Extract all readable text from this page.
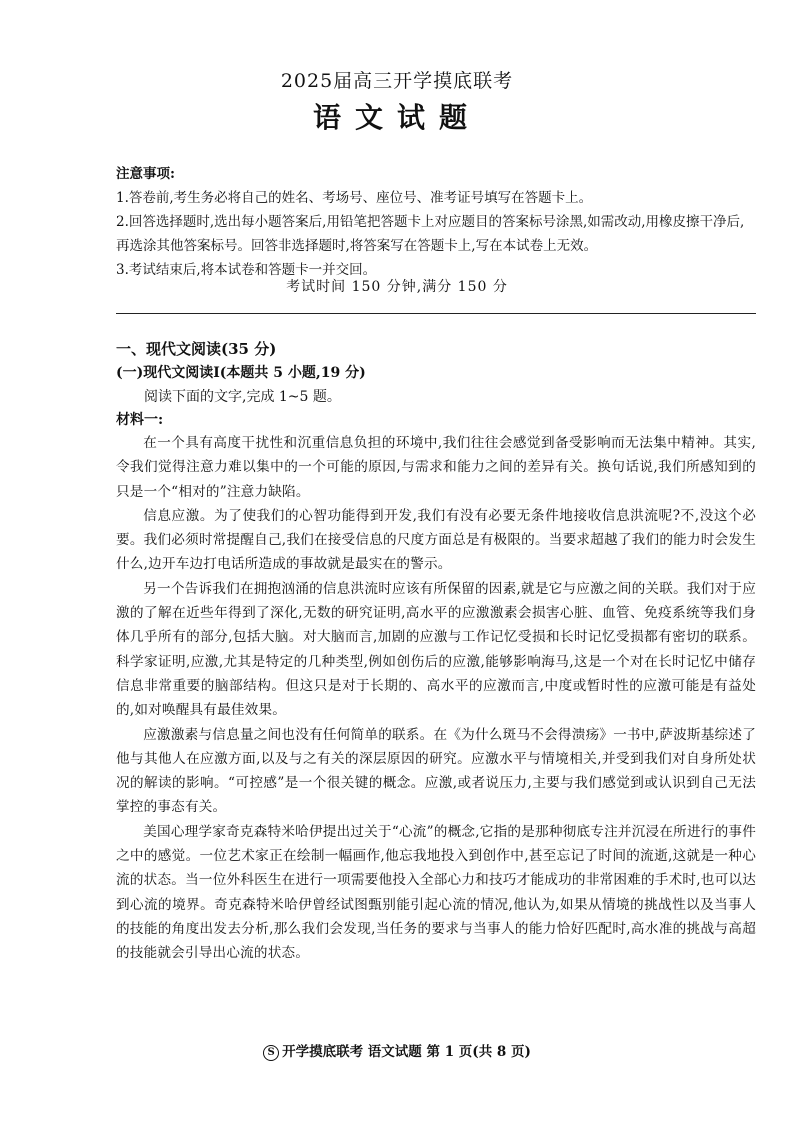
2025届高三开学摸底联考
语文试题
注意事项:
1.答卷前,考生务必将自己的姓名、考场号、座位号、准考证号填写在答题卡上。
2.回答选择题时,选出每小题答案后,用铅笔把答题卡上对应题目的答案标号涂黑,如需改动,用橡皮擦干净后,再选涂其他答案标号。回答非选择题时,将答案写在答题卡上,写在本试卷上无效。
3.考试结束后,将本试卷和答题卡一并交回。
考试时间 150 分钟,满分 150 分
一、现代文阅读(35 分)
(一)现代文阅读Ⅰ(本题共 5 小题,19 分)
阅读下面的文字,完成 1~5 题。
材料一:

在一个具有高度干扰性和沉重信息负担的环境中,我们往往会感觉到备受影响而无法集中精神。其实,令我们觉得注意力难以集中的一个可能的原因,与需求和能力之间的差异有关。换句话说,我们所感知到的只是一个“相对的”注意力缺陷。

信息应激。为了使我们的心智功能得到开发,我们有没有必要无条件地接收信息洪流呢?不,没这个必要。我们必须时常提醒自己,我们在接受信息的尺度方面总是有极限的。当要求超越了我们的能力时会发生什么,边开车边打电话所造成的事故就是最实在的警示。

另一个告诉我们在拥抱汹涌的信息洪流时应该有所保留的因素,就是它与应激之间的关联。我们对于应激的了解在近些年得到了深化,无数的研究证明,高水平的应激激素会损害心脏、血管、免疫系统等我们身体几乎所有的部分,包括大脑。对大脑而言,加剧的应激与工作记忆受损和长时记忆受损都有密切的联系。科学家证明,应激,尤其是特定的几种类型,例如创伤后的应激,能够影响海马,这是一个对在长时记忆中储存信息非常重要的脑部结构。但这只是对于长期的、高水平的应激而言,中度或暂时性的应激可能是有益处的,如对唤醒具有最佳效果。

应激激素与信息量之间也没有任何简单的联系。在《为什么斑马不会得溃疡》一书中,萨波斯基综述了他与其他人在应激方面,以及与之有关的深层原因的研究。应激水平与情境相关,并受到我们对自身所处状况的解读的影响。“可控感”是一个很关键的概念。应激,或者说压力,主要与我们感觉到或认识到自己无法掌控的事态有关。

美国心理学家奇克森特米哈伊提出过关于“心流”的概念,它指的是那种彻底专注并沉浸在所进行的事件之中的感觉。一位艺术家正在绘制一幅画作,他忘我地投入到创作中,甚至忘记了时间的流逝,这就是一种心流的状态。当一位外科医生在进行一项需要他投入全部心力和技巧才能成功的非常困难的手术时,也可以达到心流的境界。奇克森特米哈伊曾经试图甄别能引起心流的情况,他认为,如果从情境的挑战性以及当事人的技能的角度出发去分析,那么我们会发现,当任务的要求与当事人的能力恰好匹配时,高水准的挑战与高超的技能就会引导出心流的状态。

S 开学摸底联考 语文试题 第 1 页(共 8 页)
